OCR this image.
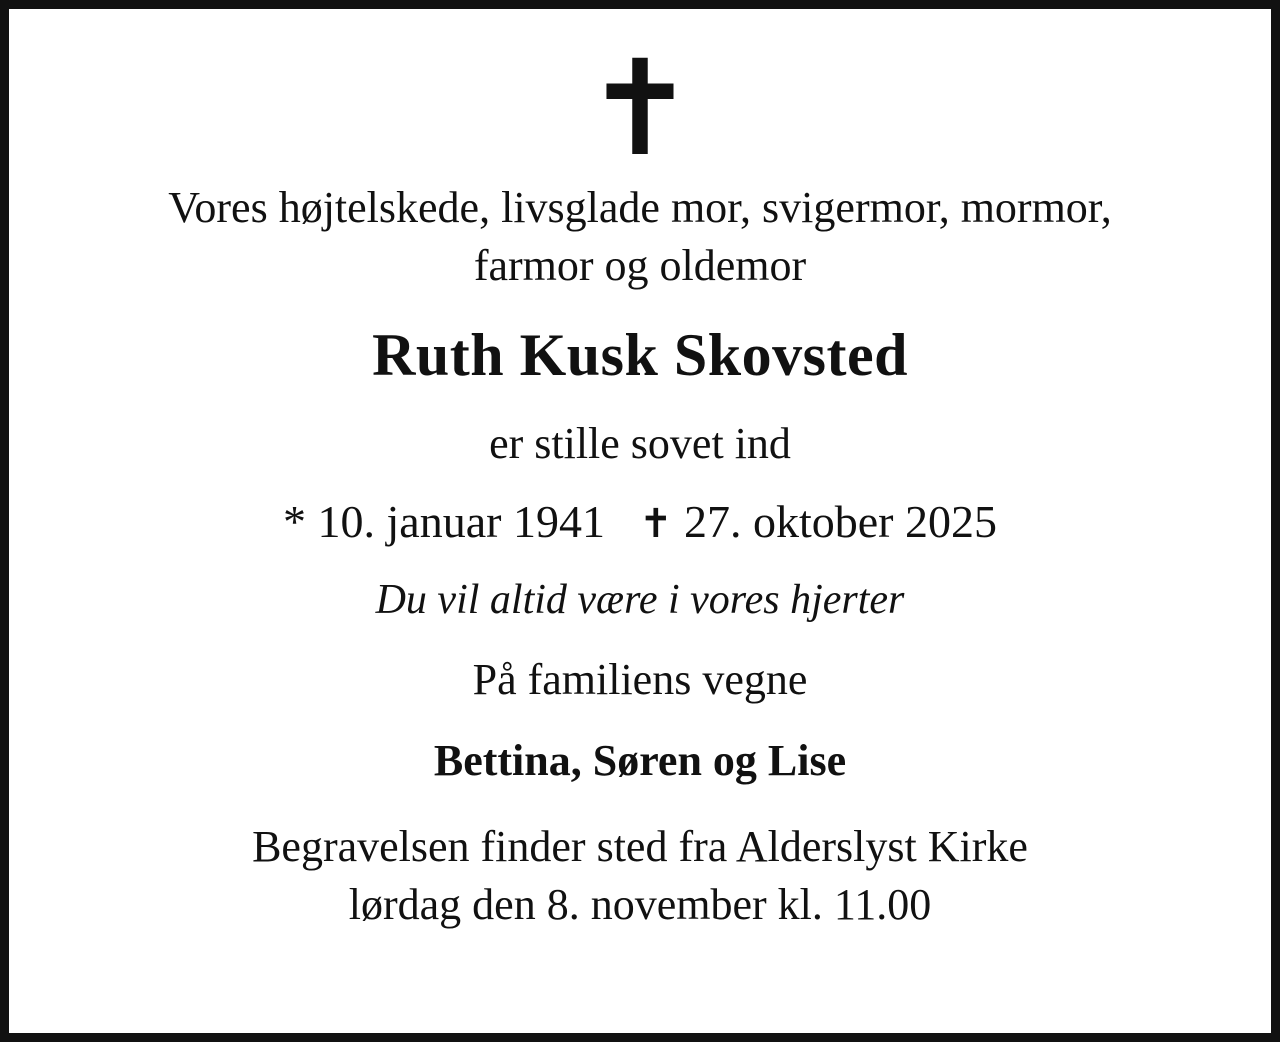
✝
Vores højtelskede, livsglade mor, svigermor, mormor, farmor og oldemor
Ruth Kusk Skovsted
er stille sovet ind
* 10. januar 1941 ✝ 27. oktober 2025
Du vil altid være i vores hjerter
På familiens vegne
Bettina, Søren og Lise
Begravelsen finder sted fra Alderslyst Kirke
lørdag den 8. november kl. 11.00
